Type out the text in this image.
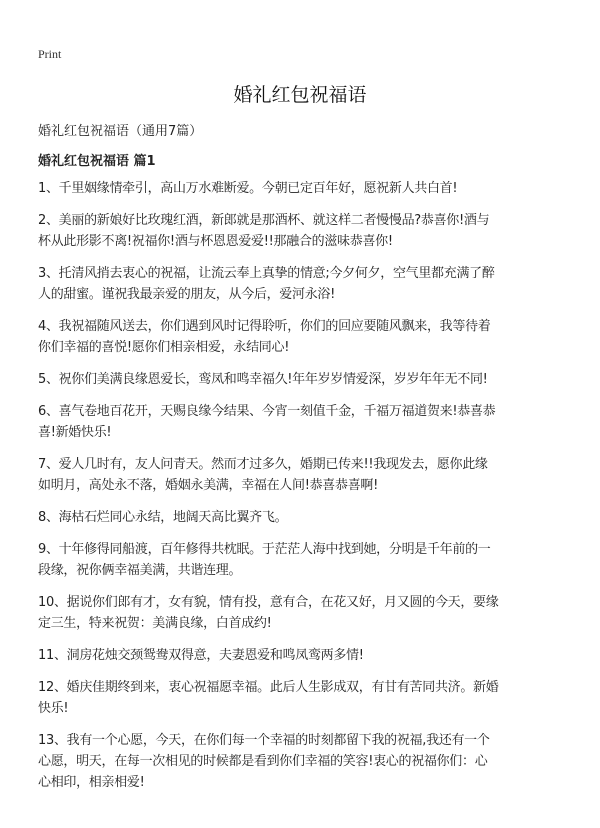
Print
婚礼红包祝福语
婚礼红包祝福语（通用7篇）
婚礼红包祝福语 篇1

1、千里姻缘情牵引，高山万水难断爱。今朝已定百年好，愿祝新人共白首!

2、美丽的新娘好比玫瑰红酒，新郎就是那酒杯、就这样二者慢慢品?恭喜你!酒与
杯从此形影不离!祝福你!酒与杯恩恩爱爱!!那融合的滋味恭喜你!

3、托清风捎去衷心的祝福，让流云奉上真挚的情意;今夕何夕，空气里都充满了醉
人的甜蜜。谨祝我最亲爱的朋友，从今后，爱河永浴!

4、我祝福随风送去，你们遇到风时记得聆听，你们的回应要随风飘来，我等待着
你们幸福的喜悦!愿你们相亲相爱，永结同心!

5、祝你们美满良缘恩爱长，鸾凤和鸣幸福久!年年岁岁情爱深，岁岁年年无不同!

6、喜气卷地百花开，天赐良缘今结果、今宵一刻值千金，千福万福道贺来!恭喜恭
喜!新婚快乐!

7、爱人几时有，友人问青天。然而才过多久，婚期已传来!!我现发去，愿你此缘
如明月，高处永不落，婚姻永美满，幸福在人间!恭喜恭喜啊!

8、海枯石烂同心永结，地阔天高比翼齐飞。

9、十年修得同船渡，百年修得共枕眠。于茫茫人海中找到她，分明是千年前的一
段缘，祝你俩幸福美满，共谐连理。

10、据说你们郎有才，女有貌，情有投，意有合，在花又好，月又圆的今天，要缘
定三生，特来祝贺：美满良缘，白首成约!

11、洞房花烛交颈鸳鸯双得意，夫妻恩爱和鸣凤鸾两多情!

12、婚庆佳期终到来，衷心祝福愿幸福。此后人生影成双，有甘有苦同共济。新婚
快乐!

13、我有一个心愿，今天，在你们每一个幸福的时刻都留下我的祝福,我还有一个
心愿，明天，在每一次相见的时候都是看到你们幸福的笑容!衷心的祝福你们：心
心相印，相亲相爱!
